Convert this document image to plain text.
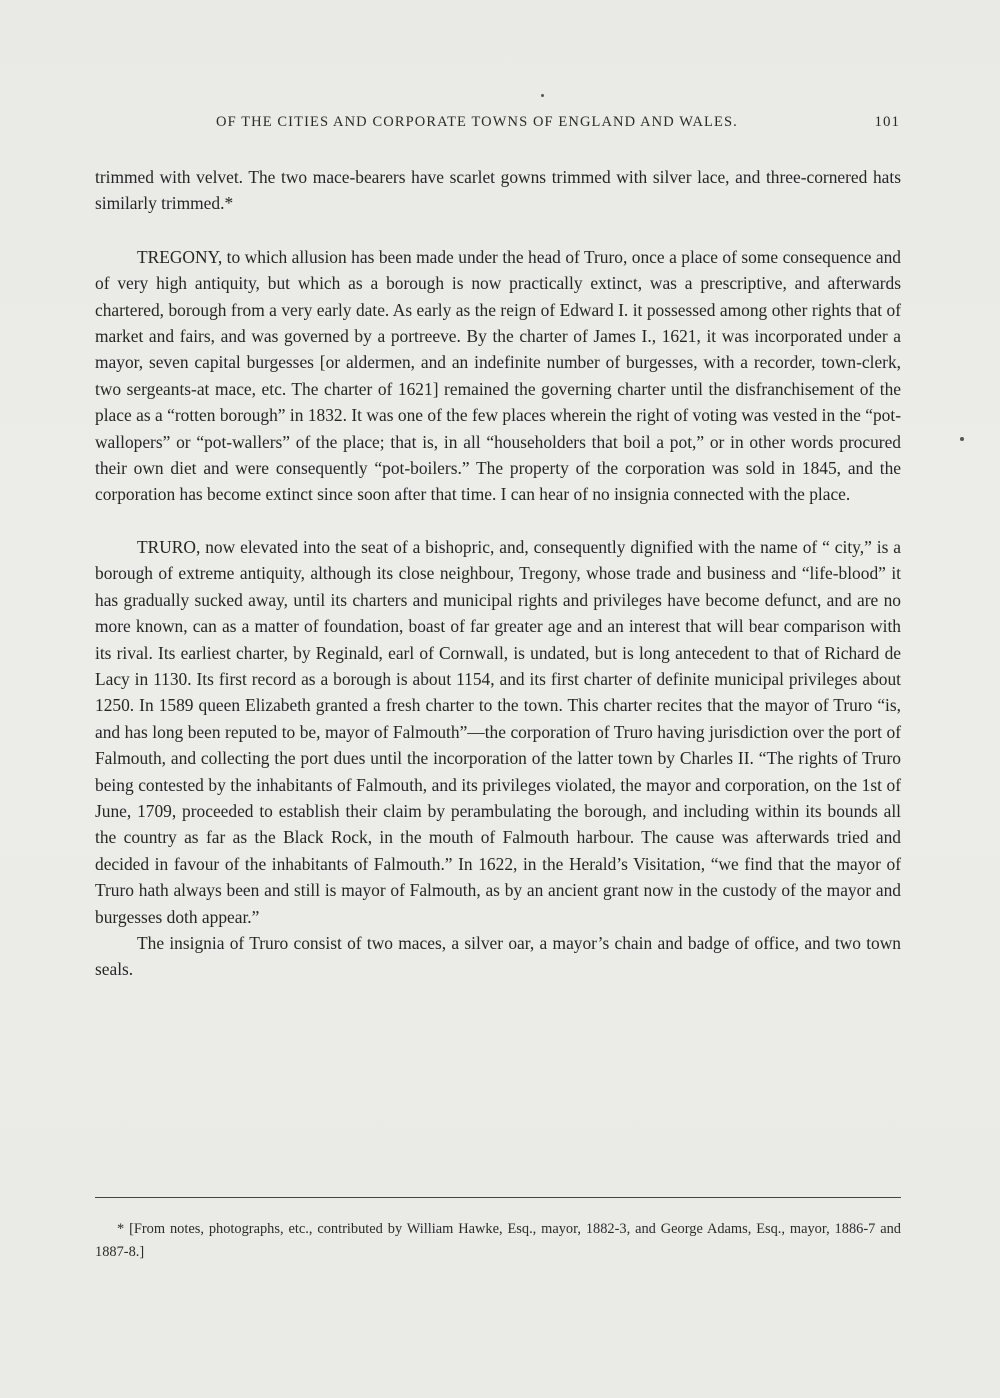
OF THE CITIES AND CORPORATE TOWNS OF ENGLAND AND WALES.	101

trimmed with velvet. The two mace-bearers have scarlet gowns trimmed with silver lace, and three-cornered hats similarly trimmed.*

TREGONY, to which allusion has been made under the head of Truro, once a place of some consequence and of very high antiquity, but which as a borough is now practically extinct, was a prescriptive, and afterwards chartered, borough from a very early date. As early as the reign of Edward I. it possessed among other rights that of market and fairs, and was governed by a portreeve. By the charter of James I., 1621, it was incorporated under a mayor, seven capital burgesses [or aldermen, and an indefinite number of burgesses, with a recorder, town-clerk, two sergeants-at mace, etc. The charter of 1621] remained the governing charter until the disfranchisement of the place as a “rotten borough” in 1832. It was one of the few places wherein the right of voting was vested in the “pot-wallopers” or “pot-wallers” of the place; that is, in all “householders that boil a pot,” or in other words procured their own diet and were consequently “pot-boilers.” The property of the corporation was sold in 1845, and the corporation has become extinct since soon after that time. I can hear of no insignia connected with the place.

TRURO, now elevated into the seat of a bishopric, and, consequently dignified with the name of “ city,” is a borough of extreme antiquity, although its close neighbour, Tregony, whose trade and business and “life-blood” it has gradually sucked away, until its charters and municipal rights and privileges have become defunct, and are no more known, can as a matter of foundation, boast of far greater age and an interest that will bear comparison with its rival. Its earliest charter, by Reginald, earl of Cornwall, is undated, but is long antecedent to that of Richard de Lacy in 1130. Its first record as a borough is about 1154, and its first charter of definite municipal privileges about 1250. In 1589 queen Elizabeth granted a fresh charter to the town. This charter recites that the mayor of Truro “is, and has long been reputed to be, mayor of Falmouth”—the corporation of Truro having jurisdiction over the port of Falmouth, and collecting the port dues until the incorporation of the latter town by Charles II. “The rights of Truro being contested by the inhabitants of Falmouth, and its privileges violated, the mayor and corporation, on the 1st of June, 1709, proceeded to establish their claim by perambulating the borough, and including within its bounds all the country as far as the Black Rock, in the mouth of Falmouth harbour. The cause was afterwards tried and decided in favour of the inhabitants of Falmouth.” In 1622, in the Herald’s Visitation, “we find that the mayor of Truro hath always been and still is mayor of Falmouth, as by an ancient grant now in the custody of the mayor and burgesses doth appear.”

The insignia of Truro consist of two maces, a silver oar, a mayor’s chain and badge of office, and two town seals.

* [From notes, photographs, etc., contributed by William Hawke, Esq., mayor, 1882-3, and George Adams, Esq., mayor, 1886-7 and 1887-8.]
